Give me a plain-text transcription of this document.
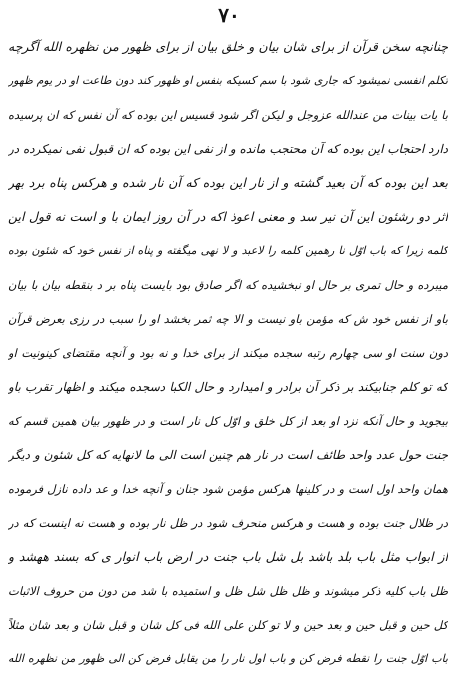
۷۰
چنانچه سخن قرآن از برای شان بیان و خلق بیان از برای ظهور من نظهره الله آگرچه
تکلم انفسی نمیشود که جاری شود با سم کسیکه بنفس او ظهور کند دون طاعت او در یوم ظهور
با یات بینات من عندالله عزوجل و لیکن اگر شود قسیس این بوده که آن نفس که ان پرسیده
دارد احتجاب این بوده که آن محتجب مانده و از نفی این بوده که ان قبول نفی نمیکرده در
بعد این بوده که آن بعید گشته و از نار این بوده که آن نار شده و هرکس پناه برد بهر
اثر دو رشئون این آن نیر سد و معنی اعوذ اکه در آن روز ایمان با و است نه قول این
کلمه زیرا که باب اوّل نا رهمین کلمه را لاعبد و لا نهی میگفته و پناه از نفس خود که شئون بوده
میبرده و حال تمری بر حال او نبخشیده که اگر صادق بود بایست پناه بر د بنقطه بیان با بیان
باو از نفس خود ش که مؤمن باو نیست و الا چه ثمر بخشد او را سبب در رزی بعرض قرآن
دون سنت او سی چهارم رتبه سجده میکند از برای خدا و نه بود و آنچه مقتضای کینونیت او
که تو کلم جنابیکند بر ذکر آن برادر و امیدارد و حال الکبا دسجده میکند و اظهار تقرب باو
بیجوید و حال آنکه نزد او بعد از کل خلق و اوّل کل نار است و در ظهور بیان همین قسم که
جنت حول عدد واحد طائف است در نار هم چنین است الی ما لانهایه که کل شئون و دیگر
همان واحد اول است و در کلینها هرکس مؤمن شود جنان و آنچه خدا و عد داده نازل فرموده
در ظلال جنت بوده و هست و هرکس منحرف شود در ظل نار بوده و هست نه اینست که در
از ابواب مثل باب بلد باشد بل شل باب جنت در ارض باب انوار ی که بسند ههشد و
ظل باب کلیه ذکر میشوند و ظل ظل شل ظل و استمیده با شد من دون من حروف الاثبات
کل حین و قبل حین و بعد حین و لا تو کلن علی الله فی کل شان و قبل شان و بعد شان مثلاً
باب اوّل جنت را نقطه فرض کن و باب اول نار را من یقابل فرض کن الی ظهور من نظهره الله
